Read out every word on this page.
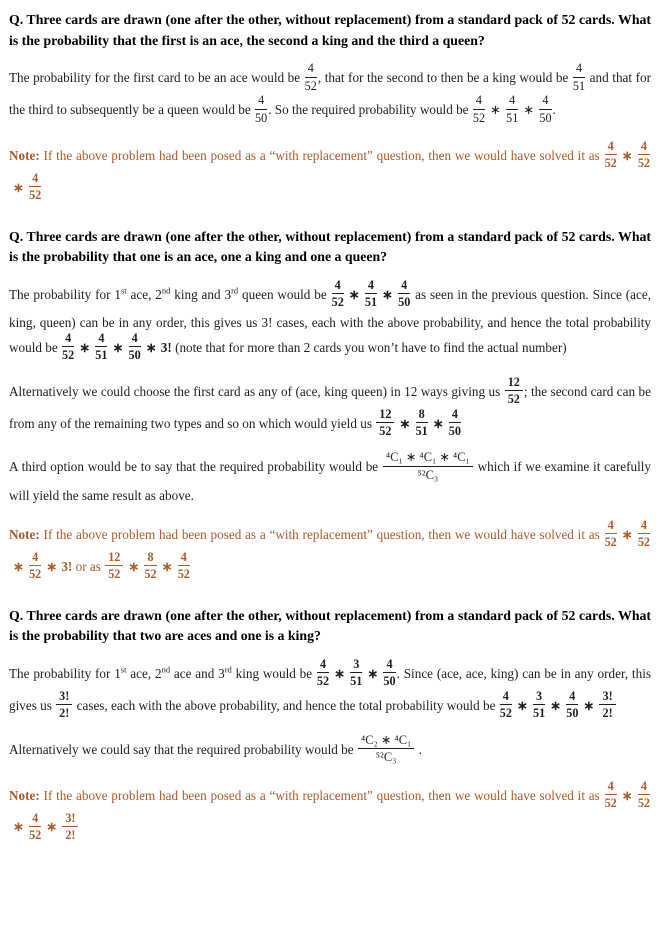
Q. Three cards are drawn (one after the other, without replacement) from a standard pack of 52 cards. What is the probability that the first is an ace, the second a king and the third a queen?

The probability for the first card to be an ace would be $\frac{4}{52}$ , that for the second to then be a king would be $\frac{4}{51}$ and that for the third to subsequently be a queen would be $\frac{4}{50}$ . So the required probability would be $\frac{4}{52}$ ∗ $\frac{4}{51}$ ∗ $\frac{4}{50}$ .

Note: If the above problem had been posed as a “with replacement” question, then we would have solved it as $\frac{4}{52}$ ∗ $\frac{4}{52}$
∗ $\frac{4}{52}$

Q. Three cards are drawn (one after the other, without replacement) from a standard pack of 52 cards. What is the probability that one is an ace, one a king and one a queen?

The probability for 1st ace, 2nd king and 3rd queen would be $\frac{4}{52}$ ∗ $\frac{4}{51}$ ∗ $\frac{4}{50}$ as seen in the previous question. Since (ace, king, queen) can be in any order, this gives us 3! cases, each with the above probability, and hence the total probability would be $\frac{4}{52}$ ∗ $\frac{4}{51}$ ∗ $\frac{4}{50}$ ∗ 3! (note that for more than 2 cards you won’t have to find the actual number)

Alternatively we could choose the first card as any of (ace, king queen) in 12 ways giving us $\frac{12}{52}$ ; the second card can be from any of the remaining two types and so on which would yield us $\frac{12}{52}$ ∗ $\frac{8}{51}$ ∗ $\frac{4}{50}$

A third option would be to say that the required probability would be $\frac{\text{⁴C₁ ∗ ⁴C₁ ∗ ⁴C₁}}{\text{⁵²C₃}}$ which if we examine it carefully will yield the same result as above.

Note: If the above problem had been posed as a “with replacement” question, then we would have solved it as $\frac{4}{52}$ ∗ $\frac{4}{52}$
∗ $\frac{4}{52}$ ∗ 3! or as $\frac{12}{52}$ ∗ $\frac{8}{52}$ ∗ $\frac{4}{52}$

Q. Three cards are drawn (one after the other, without replacement) from a standard pack of 52 cards. What is the probability that two are aces and one is a king?

The probability for 1st ace, 2nd ace and 3rd king would be $\frac{4}{52}$ ∗ $\frac{3}{51}$ ∗ $\frac{4}{50}$ . Since (ace, ace, king) can be in any order, this gives us $\frac{3!}{2!}$ cases, each with the above probability, and hence the total probability would be $\frac{4}{52}$ ∗ $\frac{3}{51}$ ∗ $\frac{4}{50}$ ∗ $\frac{3!}{2!}$

Alternatively we could say that the required probability would be $\frac{\text{⁴C₂ ∗ ⁴C₁}}{\text{⁵²C₃}}$ .

Note: If the above problem had been posed as a “with replacement” question, then we would have solved it as $\frac{4}{52}$ ∗ $\frac{4}{52}$
∗ $\frac{4}{52}$ ∗ $\frac{3!}{2!}$
